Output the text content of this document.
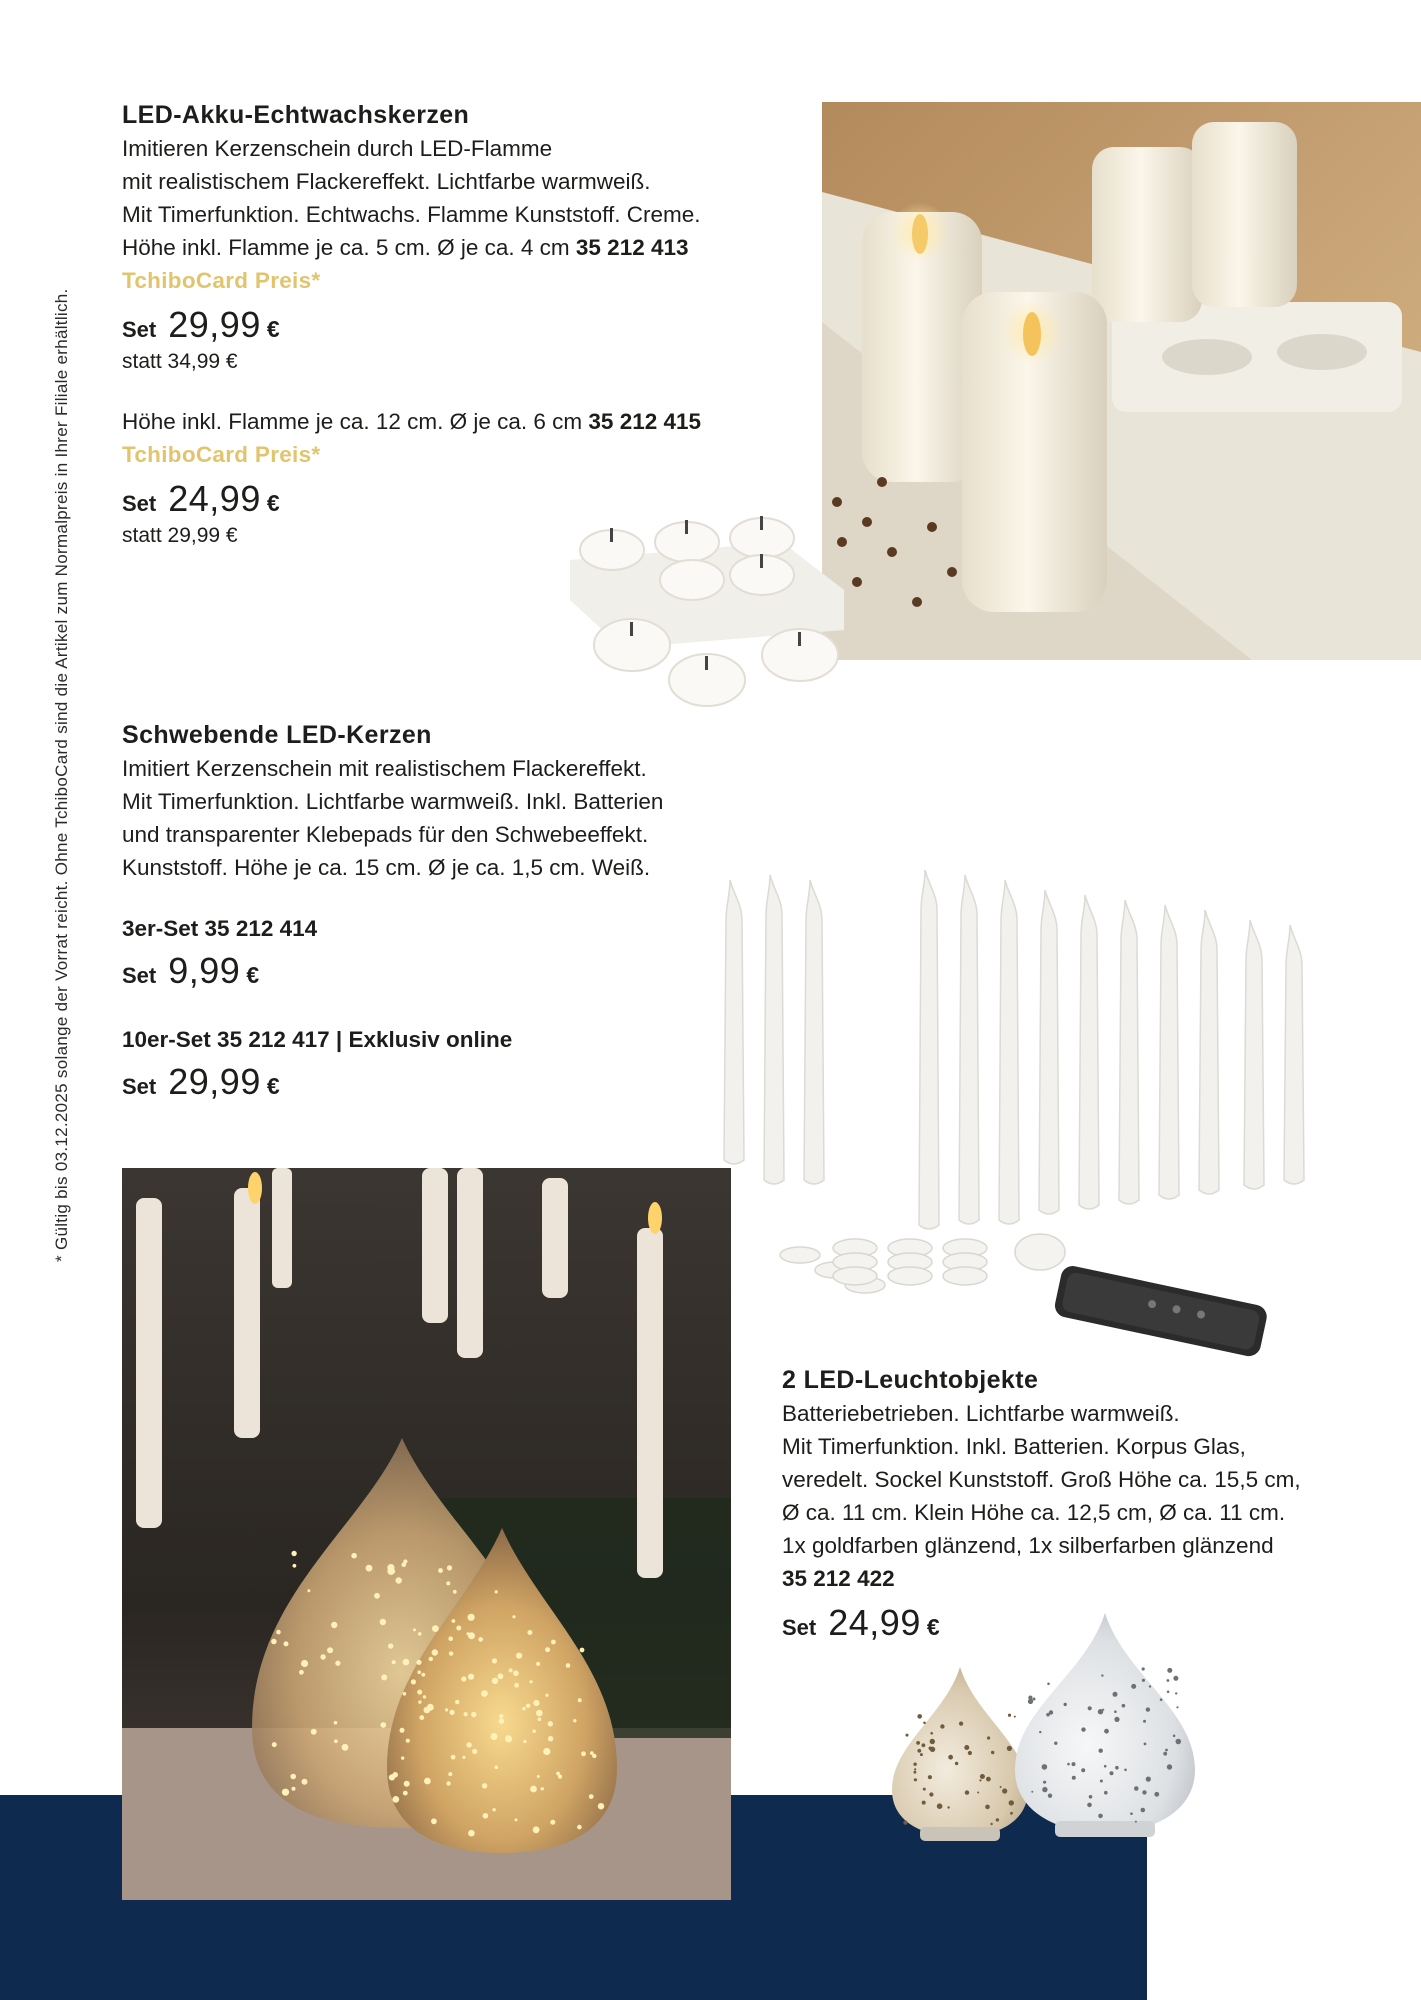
* Gültig bis 03.12.2025 solange der Vorrat reicht. Ohne TchiboCard sind die Artikel zum Normalpreis in Ihrer Filiale erhältlich.
LED-Akku-Echtwachskerzen
Imitieren Kerzenschein durch LED-Flamme
mit realistischem Flackereffekt. Lichtfarbe warmweiß.
Mit Timerfunktion. Echtwachs. Flamme Kunststoff. Creme.
Höhe inkl. Flamme je ca. 5 cm. Ø je ca. 4 cm 35 212 413
TchiboCard Preis*
Set 29,99 €
statt 34,99 €
Höhe inkl. Flamme je ca. 12 cm. Ø je ca. 6 cm 35 212 415
TchiboCard Preis*
Set 24,99 €
statt 29,99 €
Schwebende LED-Kerzen
Imitiert Kerzenschein mit realistischem Flackereffekt.
Mit Timerfunktion. Lichtfarbe warmweiß. Inkl. Batterien
und transparenter Klebepads für den Schwebeeffekt.
Kunststoff. Höhe je ca. 15 cm. Ø je ca. 1,5 cm. Weiß.
3er-Set 35 212 414
Set 9,99 €
10er-Set 35 212 417 | Exklusiv online
Set 29,99 €
2 LED-Leuchtobjekte
Batteriebetrieben. Lichtfarbe warmweiß.
Mit Timerfunktion. Inkl. Batterien. Korpus Glas,
veredelt. Sockel Kunststoff. Groß Höhe ca. 15,5 cm,
Ø ca. 11 cm. Klein Höhe ca. 12,5 cm, Ø ca. 11 cm.
1x goldfarben glänzend, 1x silberfarben glänzend
35 212 422
Set 24,99 €
